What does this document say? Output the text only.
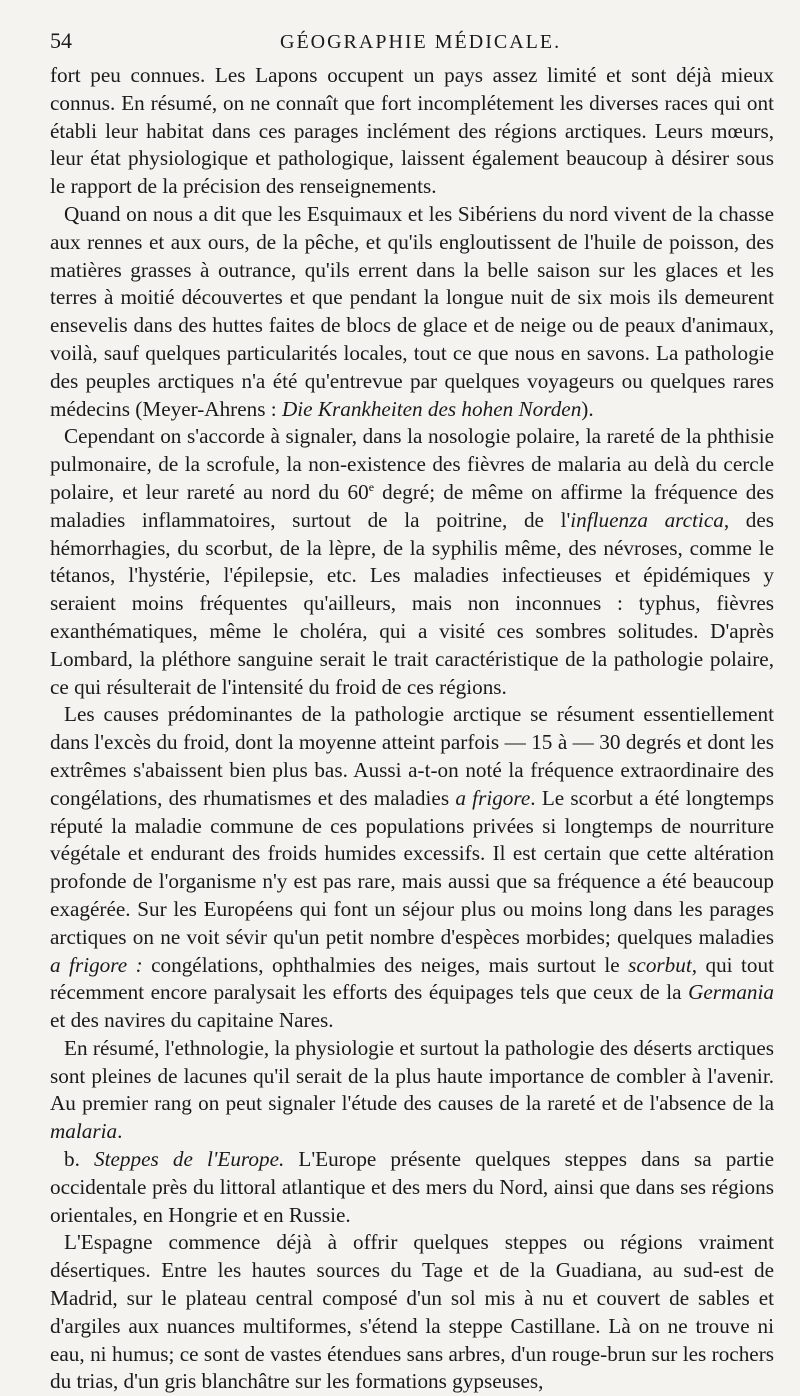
54	GÉOGRAPHIE MÉDICALE.

fort peu connues. Les Lapons occupent un pays assez limité et sont déjà mieux connus. En résumé, on ne connaît que fort incomplétement les diverses races qui ont établi leur habitat dans ces parages inclément des régions arctiques. Leurs mœurs, leur état physiologique et pathologique, laissent également beaucoup à désirer sous le rapport de la précision des renseignements.

Quand on nous a dit que les Esquimaux et les Sibériens du nord vivent de la chasse aux rennes et aux ours, de la pêche, et qu'ils engloutissent de l'huile de poisson, des matières grasses à outrance, qu'ils errent dans la belle saison sur les glaces et les terres à moitié découvertes et que pendant la longue nuit de six mois ils demeurent ensevelis dans des huttes faites de blocs de glace et de neige ou de peaux d'animaux, voilà, sauf quelques particularités locales, tout ce que nous en savons. La pathologie des peuples arctiques n'a été qu'entrevue par quelques voyageurs ou quelques rares médecins (Meyer-Ahrens : Die Krankheiten des hohen Norden).

Cependant on s'accorde à signaler, dans la nosologie polaire, la rareté de la phthisie pulmonaire, de la scrofule, la non-existence des fièvres de malaria au delà du cercle polaire, et leur rareté au nord du 60e degré; de même on affirme la fréquence des maladies inflammatoires, surtout de la poitrine, de l'influenza arctica, des hémorrhagies, du scorbut, de la lèpre, de la syphilis même, des névroses, comme le tétanos, l'hystérie, l'épilepsie, etc. Les maladies infectieuses et épidémiques y seraient moins fréquentes qu'ailleurs, mais non inconnues : typhus, fièvres exanthématiques, même le choléra, qui a visité ces sombres solitudes. D'après Lombard, la pléthore sanguine serait le trait caractéristique de la pathologie polaire, ce qui résulterait de l'intensité du froid de ces régions.

Les causes prédominantes de la pathologie arctique se résument essentiellement dans l'excès du froid, dont la moyenne atteint parfois — 15 à — 30 degrés et dont les extrêmes s'abaissent bien plus bas. Aussi a-t-on noté la fréquence extraordinaire des congélations, des rhumatismes et des maladies a frigore. Le scorbut a été longtemps réputé la maladie commune de ces populations privées si longtemps de nourriture végétale et endurant des froids humides excessifs. Il est certain que cette altération profonde de l'organisme n'y est pas rare, mais aussi que sa fréquence a été beaucoup exagérée. Sur les Européens qui font un séjour plus ou moins long dans les parages arctiques on ne voit sévir qu'un petit nombre d'espèces morbides; quelques maladies a frigore : congélations, ophthalmies des neiges, mais surtout le scorbut, qui tout récemment encore paralysait les efforts des équipages tels que ceux de la Germania et des navires du capitaine Nares.

En résumé, l'ethnologie, la physiologie et surtout la pathologie des déserts arctiques sont pleines de lacunes qu'il serait de la plus haute importance de combler à l'avenir. Au premier rang on peut signaler l'étude des causes de la rareté et de l'absence de la malaria.

b. Steppes de l'Europe. L'Europe présente quelques steppes dans sa partie occidentale près du littoral atlantique et des mers du Nord, ainsi que dans ses régions orientales, en Hongrie et en Russie.

L'Espagne commence déjà à offrir quelques steppes ou régions vraiment désertiques. Entre les hautes sources du Tage et de la Guadiana, au sud-est de Madrid, sur le plateau central composé d'un sol mis à nu et couvert de sables et d'argiles aux nuances multiformes, s'étend la steppe Castillane. Là on ne trouve ni eau, ni humus; ce sont de vastes étendues sans arbres, d'un rouge-brun sur les rochers du trias, d'un gris blanchâtre sur les formations gypseuses,
